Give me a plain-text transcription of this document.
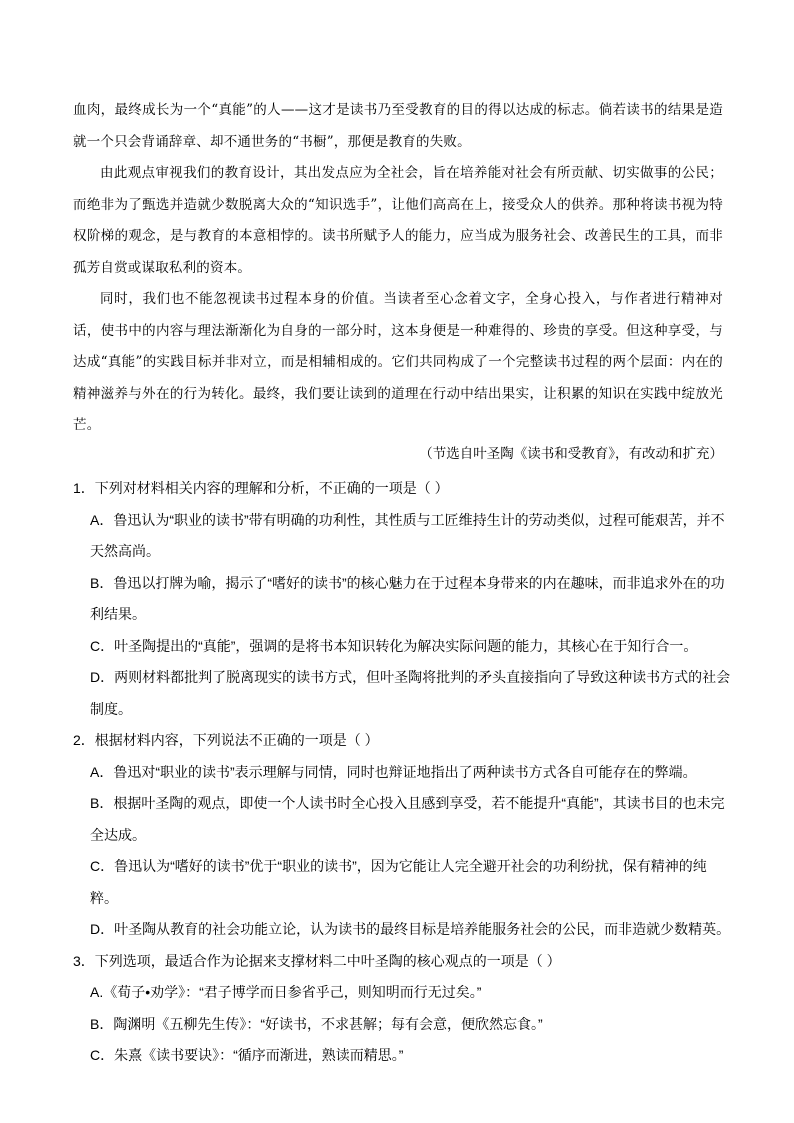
血肉，最终成长为一个“真能”的人——这才是读书乃至受教育的目的得以达成的标志。倘若读书的结果是造就一个只会背诵辞章、却不通世务的“书橱”，那便是教育的失败。

由此观点审视我们的教育设计，其出发点应为全社会，旨在培养能对社会有所贡献、切实做事的公民；而绝非为了甄选并造就少数脱离大众的“知识选手”，让他们高高在上，接受众人的供养。那种将读书视为特权阶梯的观念，是与教育的本意相悖的。读书所赋予人的能力，应当成为服务社会、改善民生的工具，而非孤芳自赏或谋取私利的资本。

同时，我们也不能忽视读书过程本身的价值。当读者至心念着文字，全身心投入，与作者进行精神对话，使书中的内容与理法渐渐化为自身的一部分时，这本身便是一种难得的、珍贵的享受。但这种享受，与达成“真能”的实践目标并非对立，而是相辅相成的。它们共同构成了一个完整读书过程的两个层面：内在的精神滋养与外在的行为转化。最终，我们要让读到的道理在行动中结出果实，让积累的知识在实践中绽放光芒。

（节选自叶圣陶《读书和受教育》，有改动和扩充）

1．下列对材料相关内容的理解和分析，不正确的一项是（ ）

A．鲁迅认为“职业的读书”带有明确的功利性，其性质与工匠维持生计的劳动类似，过程可能艰苦，并不天然高尚。

B．鲁迅以打牌为喻，揭示了“嗜好的读书”的核心魅力在于过程本身带来的内在趣味，而非追求外在的功利结果。

C．叶圣陶提出的“真能”，强调的是将书本知识转化为解决实际问题的能力，其核心在于知行合一。

D．两则材料都批判了脱离现实的读书方式，但叶圣陶将批判的矛头直接指向了导致这种读书方式的社会制度。

2．根据材料内容，下列说法不正确的一项是（ ）

A．鲁迅对“职业的读书”表示理解与同情，同时也辩证地指出了两种读书方式各自可能存在的弊端。

B．根据叶圣陶的观点，即使一个人读书时全心投入且感到享受，若不能提升“真能”，其读书目的也未完全达成。

C．鲁迅认为“嗜好的读书”优于“职业的读书”，因为它能让人完全避开社会的功利纷扰，保有精神的纯粹。

D．叶圣陶从教育的社会功能立论，认为读书的最终目标是培养能服务社会的公民，而非造就少数精英。

3．下列选项，最适合作为论据来支撑材料二中叶圣陶的核心观点的一项是（ ）

A.《荀子•劝学》：“君子博学而日参省乎己，则知明而行无过矣。”

B．陶渊明《五柳先生传》：“好读书，不求甚解；每有会意，便欣然忘食。”

C．朱熹《读书要诀》：“循序而渐进，熟读而精思。”
